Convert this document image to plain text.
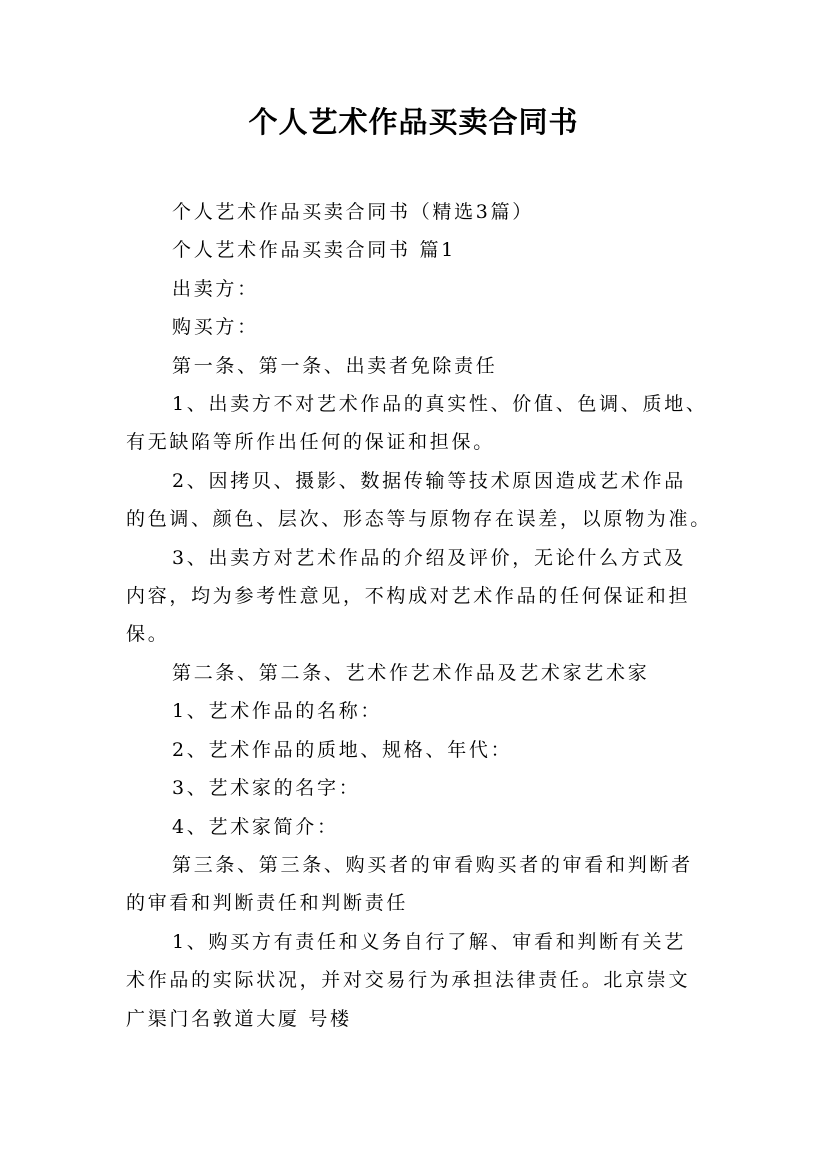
个人艺术作品买卖合同书
个人艺术作品买卖合同书（精选3篇）
个人艺术作品买卖合同书 篇1
出卖方：
购买方：
第一条、第一条、出卖者免除责任
1、出卖方不对艺术作品的真实性、价值、色调、质地、
有无缺陷等所作出任何的保证和担保。
2、因拷贝、摄影、数据传输等技术原因造成艺术作品
的色调、颜色、层次、形态等与原物存在误差，以原物为准。
3、出卖方对艺术作品的介绍及评价，无论什么方式及
内容，均为参考性意见，不构成对艺术作品的任何保证和担
保。
第二条、第二条、艺术作艺术作品及艺术家艺术家
1、艺术作品的名称：
2、艺术作品的质地、规格、年代：
3、艺术家的名字：
4、艺术家简介：
第三条、第三条、购买者的审看购买者的审看和判断者
的审看和判断责任和判断责任
1、购买方有责任和义务自行了解、审看和判断有关艺
术作品的实际状况，并对交易行为承担法律责任。北京崇文
广渠门名敦道大厦 号楼
